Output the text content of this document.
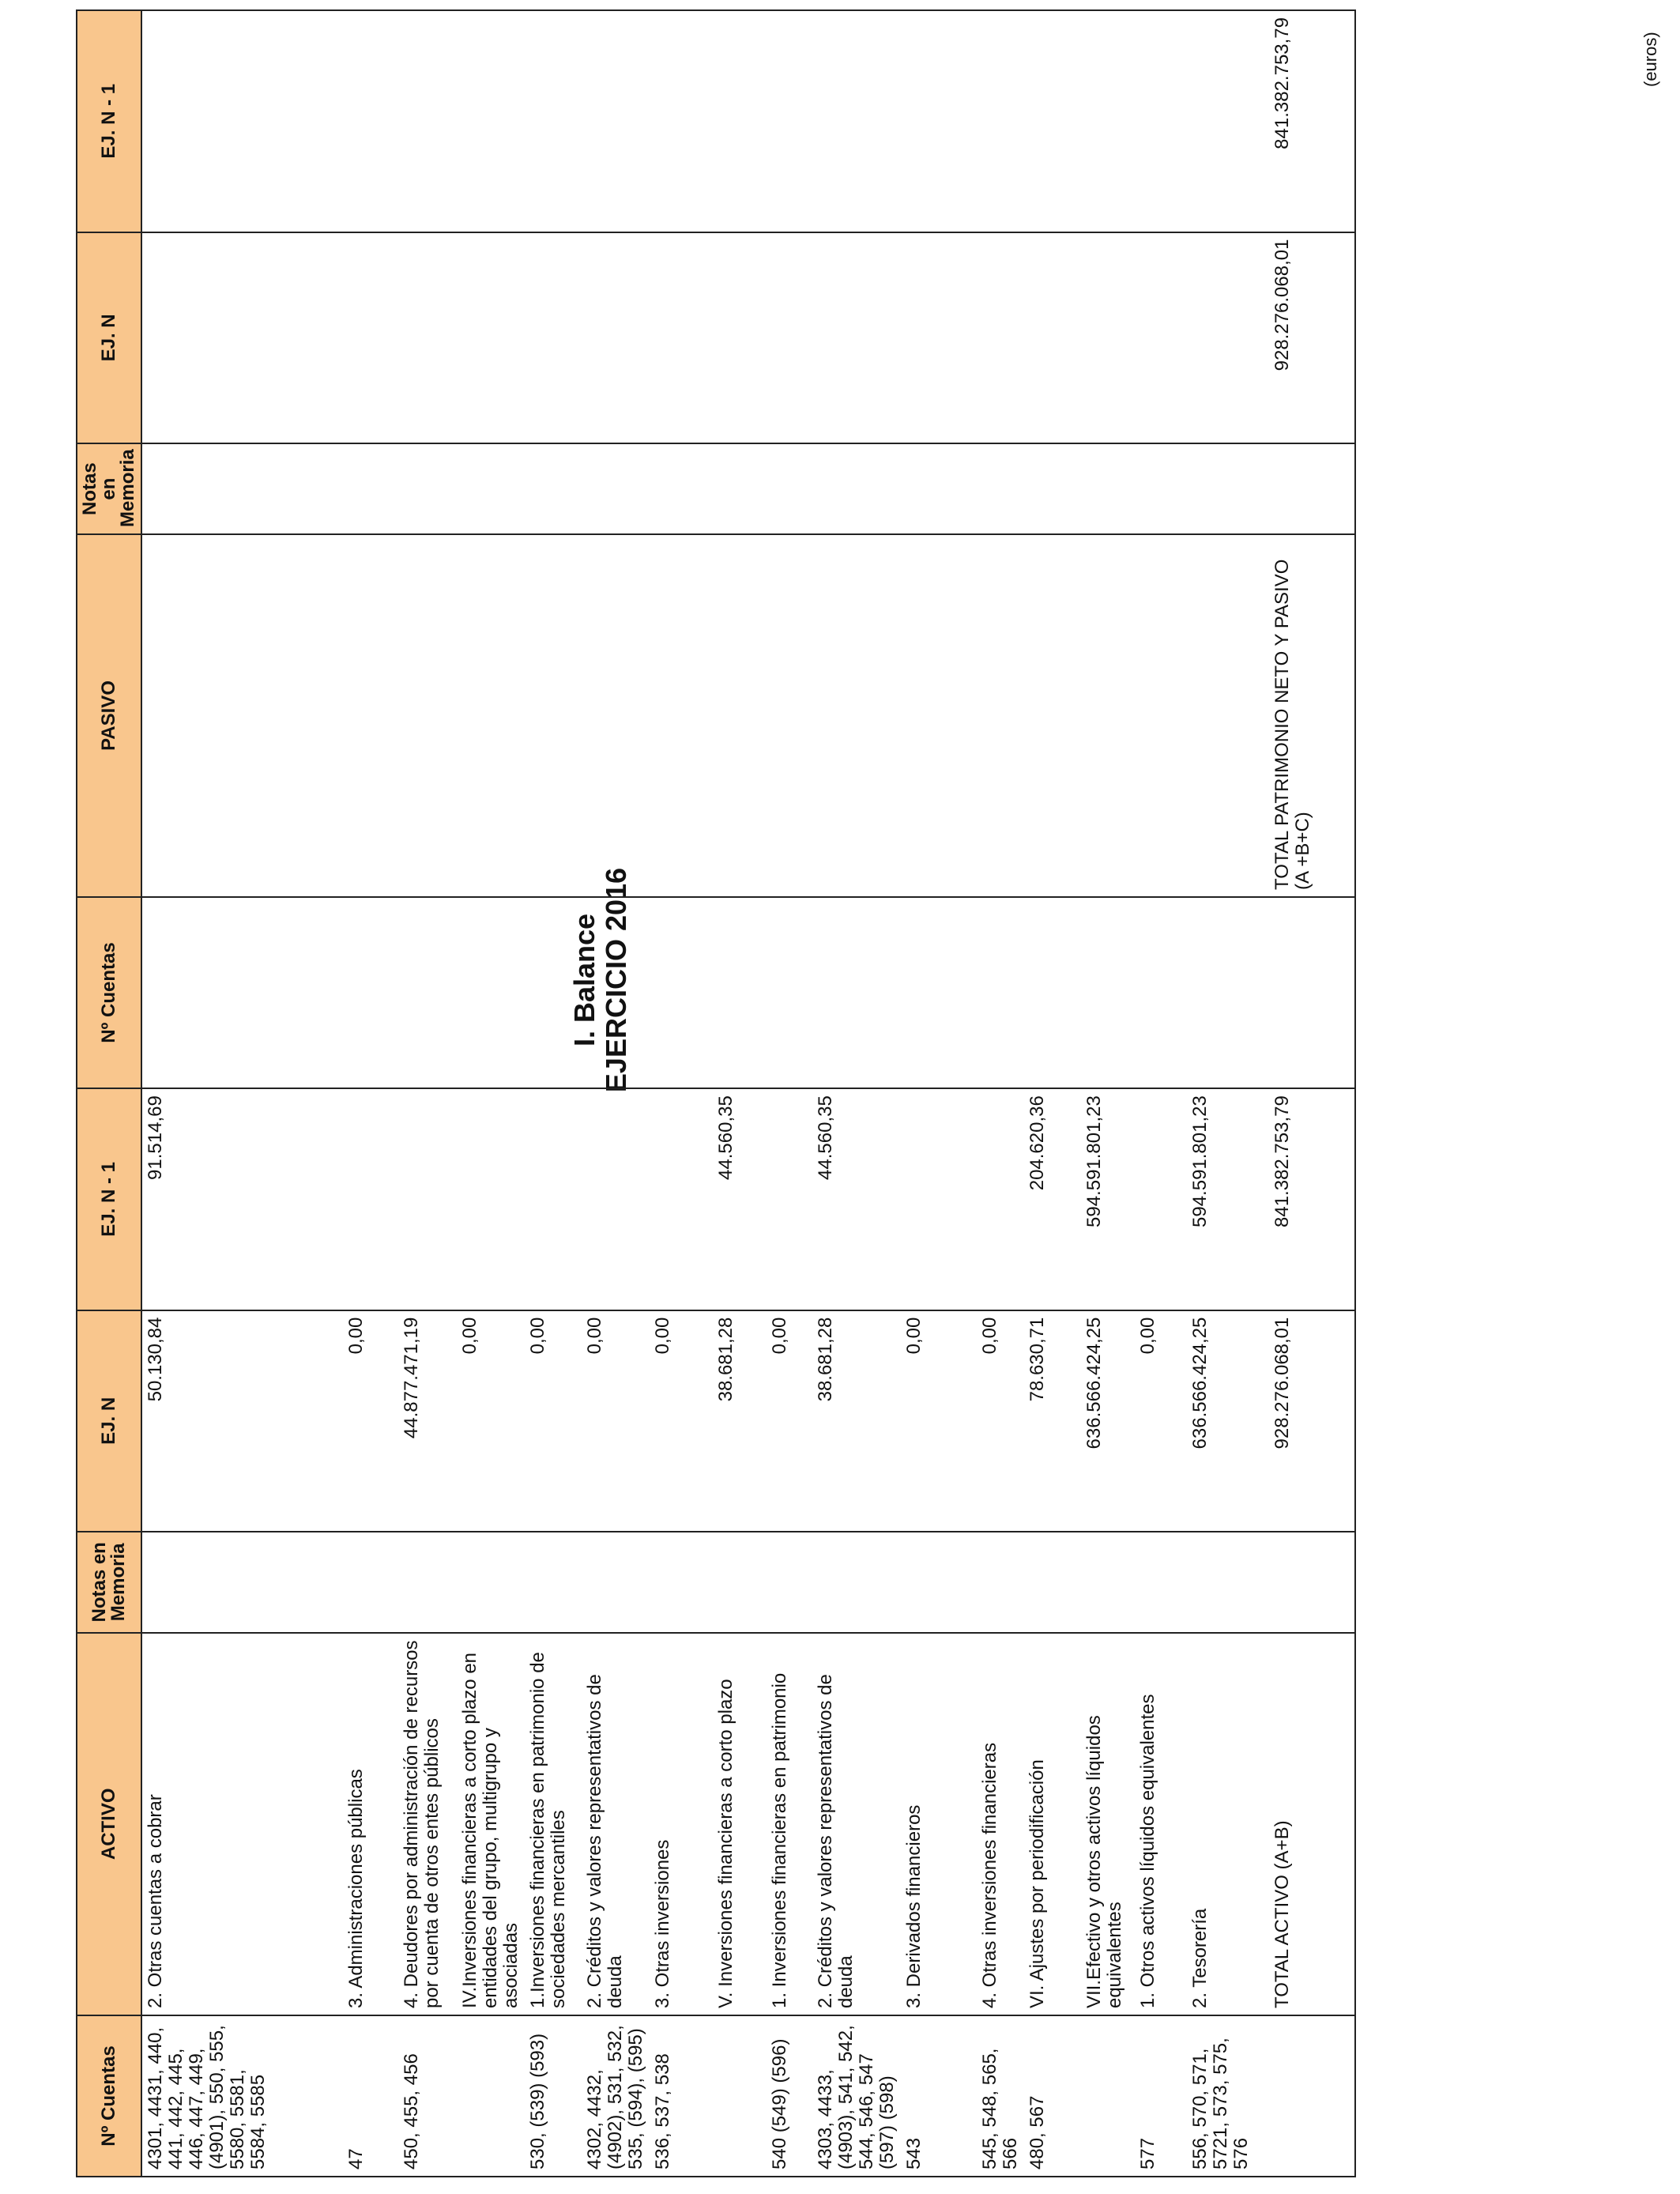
I. Balance EJERCICIO 2016
(euros)
Nº Cuentas	ACTIVO	Notas en Memoria	EJ. N	EJ. N - 1	Nº Cuentas	PASIVO	Notas en Memoria	EJ. N	EJ. N - 1
4301, 4431, 440, 441, 442, 445, 446, 447, 449, (4901), 550, 555, 5580, 5581, 5584, 5585	2. Otras cuentas a cobrar		50.130,84	91.514,69					
47	3. Administraciones públicas		0,00						
450, 455, 456	4. Deudores por administración de recursos por cuenta de otros entes públicos		44.877.471,19						
	IV.Inversiones financieras a corto plazo en entidades del grupo, multigrupo y asociadas		0,00						
530, (539) (593)	1.Inversiones financieras en patrimonio de sociedades mercantiles		0,00						
4302, 4432, (4902), 531, 532, 535, (594), (595)	2. Créditos y valores representativos de deuda		0,00						
536, 537, 538	3. Otras inversiones		0,00						
	V. Inversiones financieras a corto plazo		38.681,28	44.560,35					
540 (549) (596)	1. Inversiones financieras en patrimonio		0,00						
4303, 4433, (4903), 541, 542, 544, 546, 547 (597) (598)	2. Créditos y valores representativos de deuda		38.681,28	44.560,35					
543	3. Derivados financieros		0,00						
545, 548, 565, 566	4. Otras inversiones financieras		0,00						
480, 567	VI. Ajustes por periodificación		78.630,71	204.620,36					
	VII.Efectivo y otros activos líquidos equivalentes		636.566.424,25	594.591.801,23					
577	1. Otros activos líquidos equivalentes		0,00						
556, 570, 571, 5721, 573, 575, 576	2. Tesorería		636.566.424,25	594.591.801,23					
	TOTAL ACTIVO (A+B)		928.276.068,01	841.382.753,79		TOTAL PATRIMONIO NETO Y PASIVO (A +B+C)		928.276.068,01	841.382.753,79
